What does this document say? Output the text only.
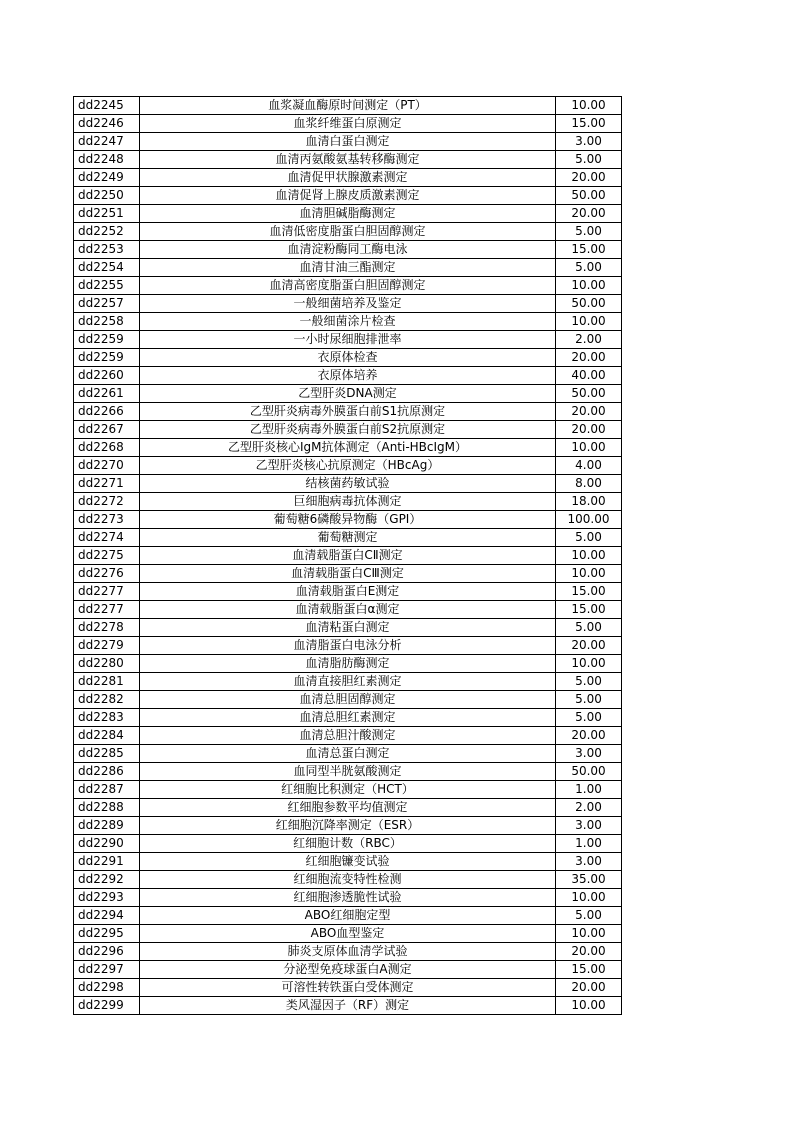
dd2245	血浆凝血酶原时间测定（PT）	10.00
dd2246	血浆纤维蛋白原测定	15.00
dd2247	血清白蛋白测定	3.00
dd2248	血清丙氨酸氨基转移酶测定	5.00
dd2249	血清促甲状腺激素测定	20.00
dd2250	血清促肾上腺皮质激素测定	50.00
dd2251	血清胆碱脂酶测定	20.00
dd2252	血清低密度脂蛋白胆固醇测定	5.00
dd2253	血清淀粉酶同工酶电泳	15.00
dd2254	血清甘油三酯测定	5.00
dd2255	血清高密度脂蛋白胆固醇测定	10.00
dd2257	一般细菌培养及鉴定	50.00
dd2258	一般细菌涂片检查	10.00
dd2259	一小时尿细胞排泄率	2.00
dd2259	衣原体检查	20.00
dd2260	衣原体培养	40.00
dd2261	乙型肝炎DNA测定	50.00
dd2266	乙型肝炎病毒外膜蛋白前S1抗原测定	20.00
dd2267	乙型肝炎病毒外膜蛋白前S2抗原测定	20.00
dd2268	乙型肝炎核心IgM抗体测定（Anti-HBcIgM）	10.00
dd2270	乙型肝炎核心抗原测定（HBcAg）	4.00
dd2271	结核菌药敏试验	8.00
dd2272	巨细胞病毒抗体测定	18.00
dd2273	葡萄糖6磷酸异物酶（GPI）	100.00
dd2274	葡萄糖测定	5.00
dd2275	血清载脂蛋白CⅡ测定	10.00
dd2276	血清载脂蛋白CⅢ测定	10.00
dd2277	血清载脂蛋白E测定	15.00
dd2277	血清载脂蛋白α测定	15.00
dd2278	血清粘蛋白测定	5.00
dd2279	血清脂蛋白电泳分析	20.00
dd2280	血清脂肪酶测定	10.00
dd2281	血清直接胆红素测定	5.00
dd2282	血清总胆固醇测定	5.00
dd2283	血清总胆红素测定	5.00
dd2284	血清总胆汁酸测定	20.00
dd2285	血清总蛋白测定	3.00
dd2286	血同型半胱氨酸测定	50.00
dd2287	红细胞比积测定（HCT）	1.00
dd2288	红细胞参数平均值测定	2.00
dd2289	红细胞沉降率测定（ESR）	3.00
dd2290	红细胞计数（RBC）	1.00
dd2291	红细胞镰变试验	3.00
dd2292	红细胞流变特性检测	35.00
dd2293	红细胞渗透脆性试验	10.00
dd2294	ABO红细胞定型	5.00
dd2295	ABO血型鉴定	10.00
dd2296	肺炎支原体血清学试验	20.00
dd2297	分泌型免疫球蛋白A测定	15.00
dd2298	可溶性转铁蛋白受体测定	20.00
dd2299	类风湿因子（RF）测定	10.00
